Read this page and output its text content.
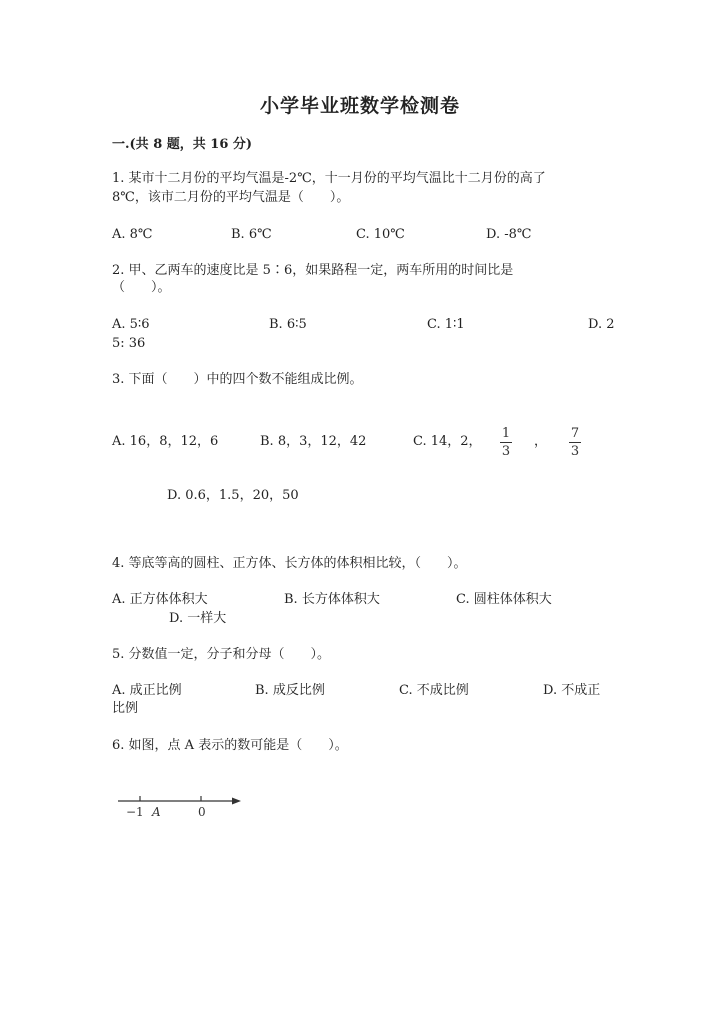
小学毕业班数学检测卷
一.(共 8 题，共 16 分)
1. 某市十二月份的平均气温是-2℃，十一月份的平均气温比十二月份的高了
8℃，该市二月份的平均气温是（　　）。
A. 8℃	B. 6℃	C. 10℃	D. -8℃
2. 甲、乙两车的速度比是 5∶6，如果路程一定，两车所用的时间比是
（　　）。
A. 5∶6	B. 6∶5	C. 1∶1	D. 2
5: 36
3. 下面（　　）中的四个数不能组成比例。
A. 16，8，12，6	B. 8，3，12，42	C. 14，2，
1
3
，
7
3
D. 0.6，1.5，20，50
4. 等底等高的圆柱、正方体、长方体的体积相比较，（　　）。
A. 正方体体积大	B. 长方体体积大	C. 圆柱体体积大
D. 一样大
5. 分数值一定，分子和分母（　　）。
A. 成正比例	B. 成反比例	C. 不成比例	D. 不成正
比例
6. 如图，点 A 表示的数可能是（　　）。
−1 A	0
